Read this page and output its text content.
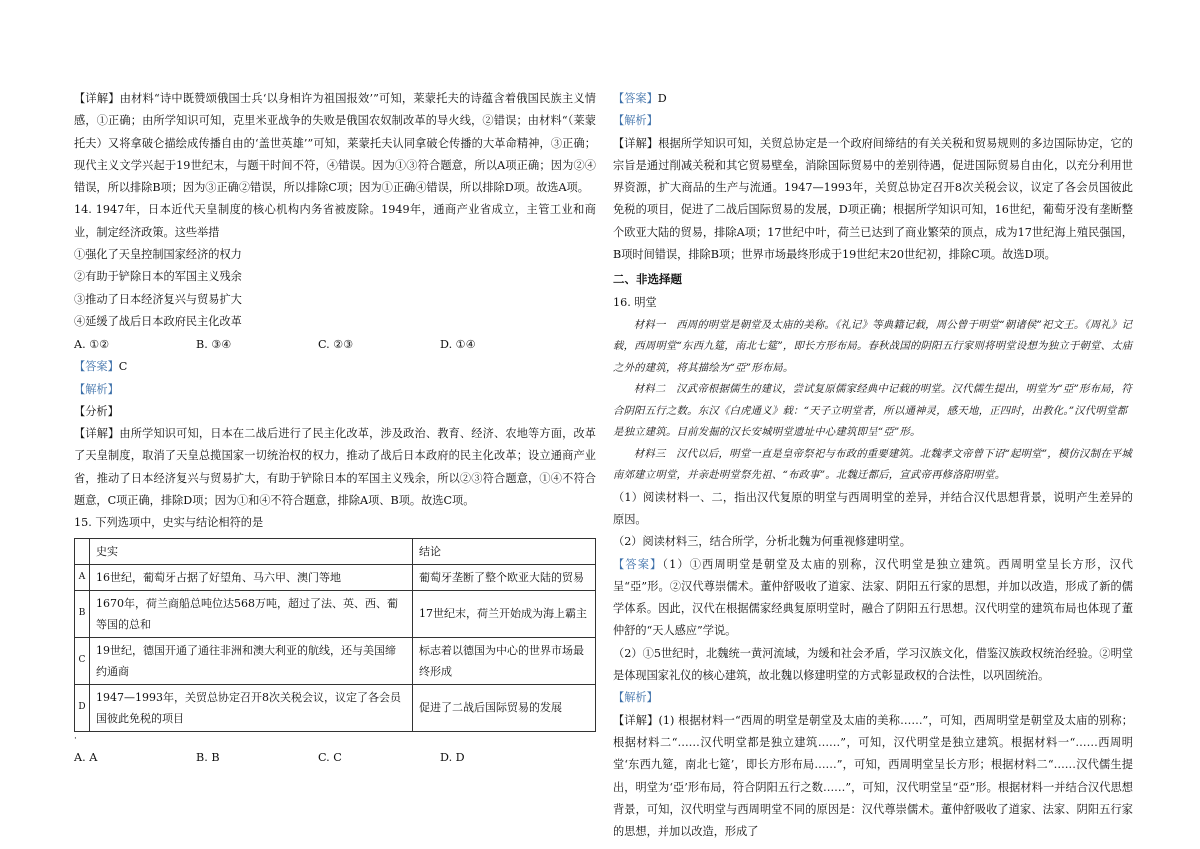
【详解】由材料“诗中既赞颂俄国士兵‘以身相许为祖国报效’”可知，莱蒙托夫的诗蕴含着俄国民族主义情感，①正确；由所学知识可知，克里米亚战争的失败是俄国农奴制改革的导火线，②错误；由材料“（莱蒙托夫）又将拿破仑描绘成传播自由的‘盖世英雄’”可知，莱蒙托夫认同拿破仑传播的大革命精神，③正确；现代主义文学兴起于19世纪末，与题干时间不符，④错误。因为①③符合题意，所以A项正确；因为②④错误，所以排除B项；因为③正确②错误，所以排除C项；因为①正确④错误，所以排除D项。故选A项。

14. 1947年，日本近代天皇制度的核心机构内务省被废除。1949年，通商产业省成立，主管工业和商业，制定经济政策。这些举措

①强化了天皇控制国家经济的权力

②有助于铲除日本的军国主义残余

③推动了日本经济复兴与贸易扩大

④延缓了战后日本政府民主化改革

A. ①②	B. ③④	C. ②③	D. ①④

【答案】C

【解析】

【分析】

【详解】由所学知识可知，日本在二战后进行了民主化改革，涉及政治、教育、经济、农地等方面，改革了天皇制度，取消了天皇总揽国家一切统治权的权力，推动了战后日本政府的民主化改革；设立通商产业省，推动了日本经济复兴与贸易扩大，有助于铲除日本的军国主义残余，所以②③符合题意，①④不符合题意，C项正确，排除D项；因为①和④不符合题意，排除A项、B项。故选C项。

15. 下列选项中，史实与结论相符的是

	史实	结论
A	16世纪，葡萄牙占据了好望角、马六甲、澳门等地	葡萄牙垄断了整个欧亚大陆的贸易
B	1670年，荷兰商船总吨位达568万吨，超过了法、英、西、葡等国的总和	17世纪末，荷兰开始成为海上霸主
C	19世纪，德国开通了通往非洲和澳大利亚的航线，还与美国缔约通商	标志着以德国为中心的世界市场最终形成
D	1947—1993年，关贸总协定召开8次关税会议，议定了各会员国彼此免税的项目	促进了二战后国际贸易的发展
·
A. A	B. B	C. C	D. D

【答案】D

【解析】

【详解】根据所学知识可知，关贸总协定是一个政府间缔结的有关关税和贸易规则的多边国际协定，它的宗旨是通过削减关税和其它贸易壁垒，消除国际贸易中的差别待遇，促进国际贸易自由化，以充分利用世界资源，扩大商品的生产与流通。1947—1993年，关贸总协定召开8次关税会议，议定了各会员国彼此免税的项目，促进了二战后国际贸易的发展，D项正确；根据所学知识可知，16世纪，葡萄牙没有垄断整个欧亚大陆的贸易，排除A项；17世纪中叶，荷兰已达到了商业繁荣的顶点，成为17世纪海上殖民强国，B项时间错误，排除B项；世界市场最终形成于19世纪末20世纪初，排除C项。故选D项。

二、非选择题

16. 明堂

材料一　西周的明堂是朝堂及太庙的美称。《礼记》等典籍记载，周公曾于明堂“朝诸侯”祀文王。《周礼》记载，西周明堂“东西九筵，南北七筵”，即长方形布局。春秋战国的阴阳五行家则将明堂设想为独立于朝堂、太庙之外的建筑，将其描绘为“亞”形布局。

材料二　汉武帝根据儒生的建议，尝试复原儒家经典中记载的明堂。汉代儒生提出，明堂为“亞”形布局，符合阴阳五行之数。东汉《白虎通义》载：“天子立明堂者，所以通神灵，感天地，正四时，出教化。”汉代明堂都是独立建筑。目前发掘的汉长安城明堂遗址中心建筑即呈“亞”形。

材料三　汉代以后，明堂一直是皇帝祭祀与布政的重要建筑。北魏孝文帝曾下诏“起明堂”，模仿汉制在平城南郊建立明堂，并亲赴明堂祭先祖、“布政事”。北魏迁都后，宣武帝再修洛阳明堂。

（1）阅读材料一、二，指出汉代复原的明堂与西周明堂的差异，并结合汉代思想背景，说明产生差异的原因。

（2）阅读材料三，结合所学，分析北魏为何重视修建明堂。

【答案】（1）①西周明堂是朝堂及太庙的别称，汉代明堂是独立建筑。西周明堂呈长方形，汉代呈“亞”形。②汉代尊崇儒术。董仲舒吸收了道家、法家、阴阳五行家的思想，并加以改造，形成了新的儒学体系。因此，汉代在根据儒家经典复原明堂时，融合了阴阳五行思想。汉代明堂的建筑布局也体现了董仲舒的“天人感应”学说。

（2）①5世纪时，北魏统一黄河流域，为缓和社会矛盾，学习汉族文化，借鉴汉族政权统治经验。②明堂是体现国家礼仪的核心建筑，故北魏以修建明堂的方式彰显政权的合法性，以巩固统治。

【解析】

【详解】(1) 根据材料一“西周的明堂是朝堂及太庙的美称……”，可知，西周明堂是朝堂及太庙的别称；根据材料二“……汉代明堂都是独立建筑……”，可知，汉代明堂是独立建筑。根据材料一“……西周明堂‘东西九筵，南北七筵’，即长方形布局……”，可知，西周明堂呈长方形；根据材料二“……汉代儒生提出，明堂为‘亞’形布局，符合阴阳五行之数……”，可知，汉代明堂呈“亞”形。根据材料一并结合汉代思想背景，可知，汉代明堂与西周明堂不同的原因是：汉代尊崇儒术。董仲舒吸收了道家、法家、阴阳五行家的思想，并加以改造，形成了
